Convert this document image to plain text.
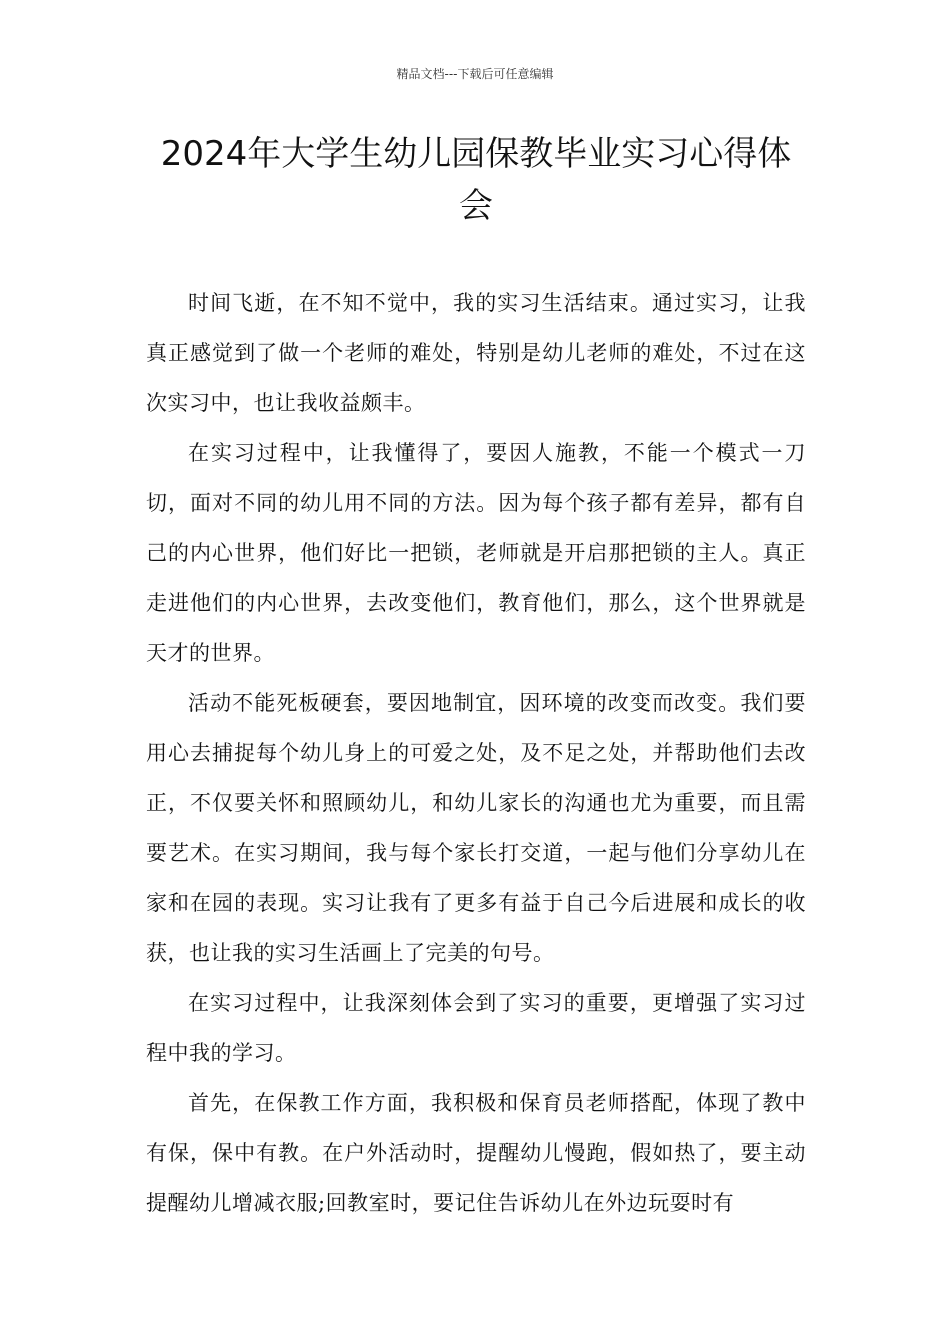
精品文档---下载后可任意编辑
2024年大学生幼儿园保教毕业实习心得体会

时间飞逝，在不知不觉中，我的实习生活结束。通过实习，让我真正感觉到了做一个老师的难处，特别是幼儿老师的难处，不过在这次实习中，也让我收益颇丰。

在实习过程中，让我懂得了，要因人施教，不能一个模式一刀切，面对不同的幼儿用不同的方法。因为每个孩子都有差异，都有自己的内心世界，他们好比一把锁，老师就是开启那把锁的主人。真正走进他们的内心世界，去改变他们，教育他们，那么，这个世界就是天才的世界。

活动不能死板硬套，要因地制宜，因环境的改变而改变。我们要用心去捕捉每个幼儿身上的可爱之处，及不足之处，并帮助他们去改正，不仅要关怀和照顾幼儿，和幼儿家长的沟通也尤为重要，而且需要艺术。在实习期间，我与每个家长打交道，一起与他们分享幼儿在家和在园的表现。实习让我有了更多有益于自己今后进展和成长的收获，也让我的实习生活画上了完美的句号。

在实习过程中，让我深刻体会到了实习的重要，更增强了实习过程中我的学习。

首先，在保教工作方面，我积极和保育员老师搭配，体现了教中有保，保中有教。在户外活动时，提醒幼儿慢跑，假如热了，要主动提醒幼儿增减衣服;回教室时，要记住告诉幼儿在外边玩耍时有
